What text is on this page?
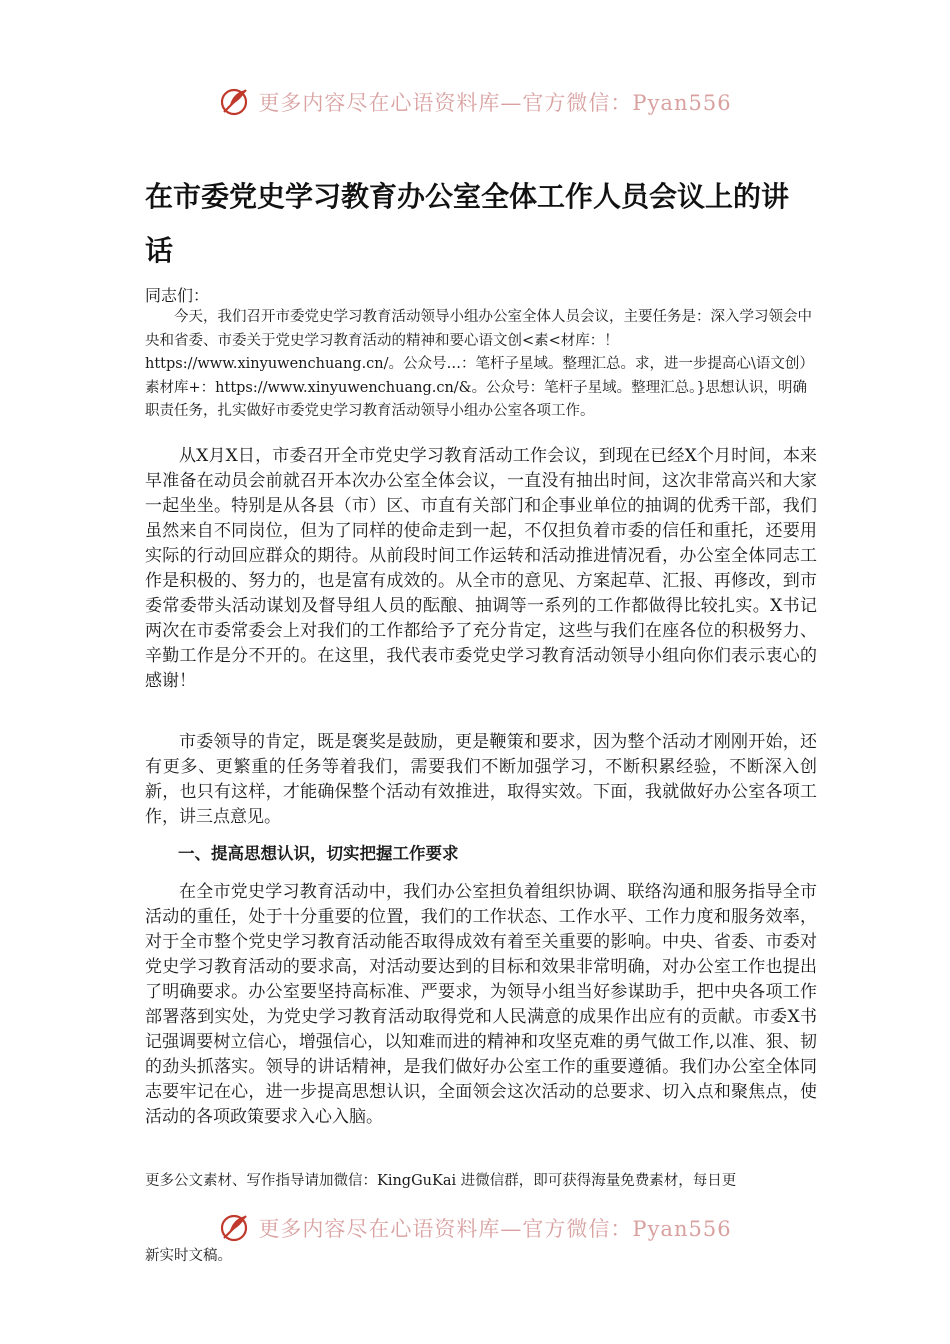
更多内容尽在心语资料库—官方微信：Pyan556
在市委党史学习教育办公室全体工作人员会议上的讲话

同志们：

今天，我们召开市委党史学习教育活动领导小组办公室全体人员会议，主要任务是：深入学习领会中央和省委、市委关于党史学习教育活动的精神和要心语文创<素<材库：！https://www.xinyuwenchuang.cn/。公众号…：笔杆子星域。整理汇总。求，进一步提高心\语文创）素材库+：https://www.xinyuwenchuang.cn/&。公众号：笔杆子星域。整理汇总。}思想认识，明确职责任务，扎实做好市委党史学习教育活动领导小组办公室各项工作。

从X月X日，市委召开全市党史学习教育活动工作会议，到现在已经X个月时间，本来早准备在动员会前就召开本次办公室全体会议，一直没有抽出时间，这次非常高兴和大家一起坐坐。特别是从各县（市）区、市直有关部门和企事业单位的抽调的优秀干部，我们虽然来自不同岗位，但为了同样的使命走到一起，不仅担负着市委的信任和重托，还要用实际的行动回应群众的期待。从前段时间工作运转和活动推进情况看，办公室全体同志工作是积极的、努力的，也是富有成效的。从全市的意见、方案起草、汇报、再修改，到市委常委带头活动谋划及督导组人员的酝酿、抽调等一系列的工作都做得比较扎实。X书记两次在市委常委会上对我们的工作都给予了充分肯定，这些与我们在座各位的积极努力、辛勤工作是分不开的。在这里，我代表市委党史学习教育活动领导小组向你们表示衷心的感谢！

市委领导的肯定，既是褒奖是鼓励，更是鞭策和要求，因为整个活动才刚刚开始，还有更多、更繁重的任务等着我们，需要我们不断加强学习，不断积累经验，不断深入创新，也只有这样，才能确保整个活动有效推进，取得实效。下面，我就做好办公室各项工作，讲三点意见。

一、提高思想认识，切实把握工作要求

在全市党史学习教育活动中，我们办公室担负着组织协调、联络沟通和服务指导全市活动的重任，处于十分重要的位置，我们的工作状态、工作水平、工作力度和服务效率，对于全市整个党史学习教育活动能否取得成效有着至关重要的影响。中央、省委、市委对党史学习教育活动的要求高，对活动要达到的目标和效果非常明确，对办公室工作也提出了明确要求。办公室要坚持高标准、严要求，为领导小组当好参谋助手，把中央各项工作部署落到实处，为党史学习教育活动取得党和人民满意的成果作出应有的贡献。市委X书记强调要树立信心，增强信心，以知难而进的精神和攻坚克难的勇气做工作,以准、狠、韧的劲头抓落实。领导的讲话精神，是我们做好办公室工作的重要遵循。我们办公室全体同志要牢记在心，进一步提高思想认识，全面领会这次活动的总要求、切入点和聚焦点，使活动的各项政策要求入心入脑。

更多公文素材、写作指导请加微信：KingGuKai 进微信群，即可获得海量免费素材，每日更
更多内容尽在心语资料库—官方微信：Pyan556
新实时文稿。
